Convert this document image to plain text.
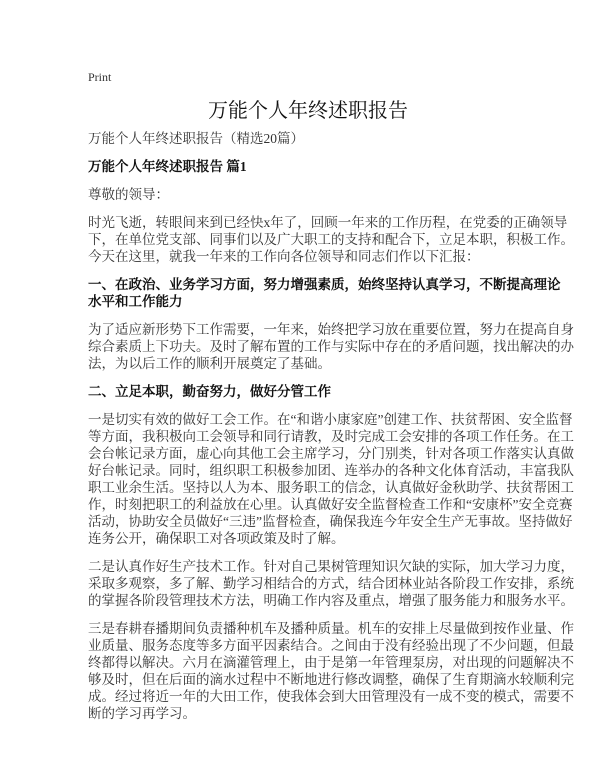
Print
万能个人年终述职报告
万能个人年终述职报告（精选20篇）
万能个人年终述职报告 篇1
尊敬的领导：
时光飞逝，转眼间来到已经快x年了，回顾一年来的工作历程，在党委的正确领导
下，在单位党支部、同事们以及广大职工的支持和配合下，立足本职，积极工作。
今天在这里，就我一年来的工作向各位领导和同志们作以下汇报：
一、在政治、业务学习方面，努力增强素质，始终坚持认真学习，不断提高理论
水平和工作能力
为了适应新形势下工作需要，一年来，始终把学习放在重要位置，努力在提高自身
综合素质上下功夫。及时了解布置的工作与实际中存在的矛盾问题，找出解决的办
法，为以后工作的顺利开展奠定了基础。
二、立足本职，勤奋努力，做好分管工作
一是切实有效的做好工会工作。在“和谐小康家庭”创建工作、扶贫帮困、安全监督
等方面，我积极向工会领导和同行请教，及时完成工会安排的各项工作任务。在工
会台帐记录方面，虚心向其他工会主席学习，分门别类，针对各项工作落实认真做
好台帐记录。同时，组织职工积极参加团、连举办的各种文化体育活动，丰富我队
职工业余生活。坚持以人为本、服务职工的信念，认真做好金秋助学、扶贫帮困工
作，时刻把职工的利益放在心里。认真做好安全监督检查工作和“安康杯”安全竞赛
活动，协助安全员做好“三违”监督检查，确保我连今年安全生产无事故。坚持做好
连务公开，确保职工对各项政策及时了解。
二是认真作好生产技术工作。针对自己果树管理知识欠缺的实际，加大学习力度，
采取多观察，多了解、勤学习相结合的方式，结合团林业站各阶段工作安排，系统
的掌握各阶段管理技术方法，明确工作内容及重点，增强了服务能力和服务水平。
三是春耕春播期间负责播种机车及播种质量。机车的安排上尽量做到按作业量、作
业质量、服务态度等多方面平因素结合。之间由于没有经验出现了不少问题，但最
终都得以解决。六月在滴灌管理上，由于是第一年管理泵房，对出现的问题解决不
够及时，但在后面的滴水过程中不断地进行修改调整，确保了生育期滴水较顺利完
成。经过将近一年的大田工作，使我体会到大田管理没有一成不变的模式，需要不
断的学习再学习。
